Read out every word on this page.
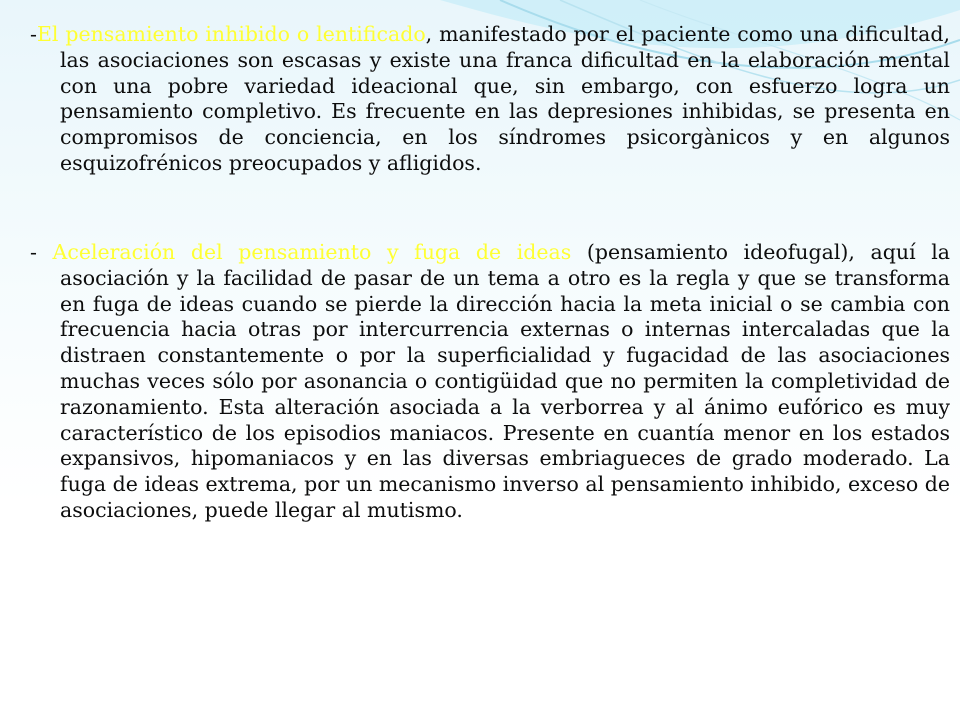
-El pensamiento inhibido o lentificado, manifestado por el paciente como una dificultad, las asociaciones son escasas y existe una franca dificultad en la elaboración mental con una pobre variedad ideacional que, sin embargo, con esfuerzo logra un pensamiento completivo. Es frecuente en las depresiones inhibidas, se presenta en compromisos de conciencia, en los síndromes psicorgànicos y en algunos esquizofrénicos preocupados y afligidos.

- Aceleración del pensamiento y fuga de ideas (pensamiento ideofugal), aquí la asociación y la facilidad de pasar de un tema a otro es la regla y que se transforma en fuga de ideas cuando se pierde la dirección hacia la meta inicial o se cambia con frecuencia hacia otras por intercurrencia externas o internas intercaladas que la distraen constantemente o por la superficialidad y fugacidad de las asociaciones muchas veces sólo por asonancia o contigüidad que no permiten la completividad de razonamiento. Esta alteración asociada a la verborrea y al ánimo eufórico es muy característico de los episodios maniacos. Presente en cuantía menor en los estados expansivos, hipomaniacos y en las diversas embriagueces de grado moderado. La fuga de ideas extrema, por un mecanismo inverso al pensamiento inhibido, exceso de asociaciones, puede llegar al mutismo.
